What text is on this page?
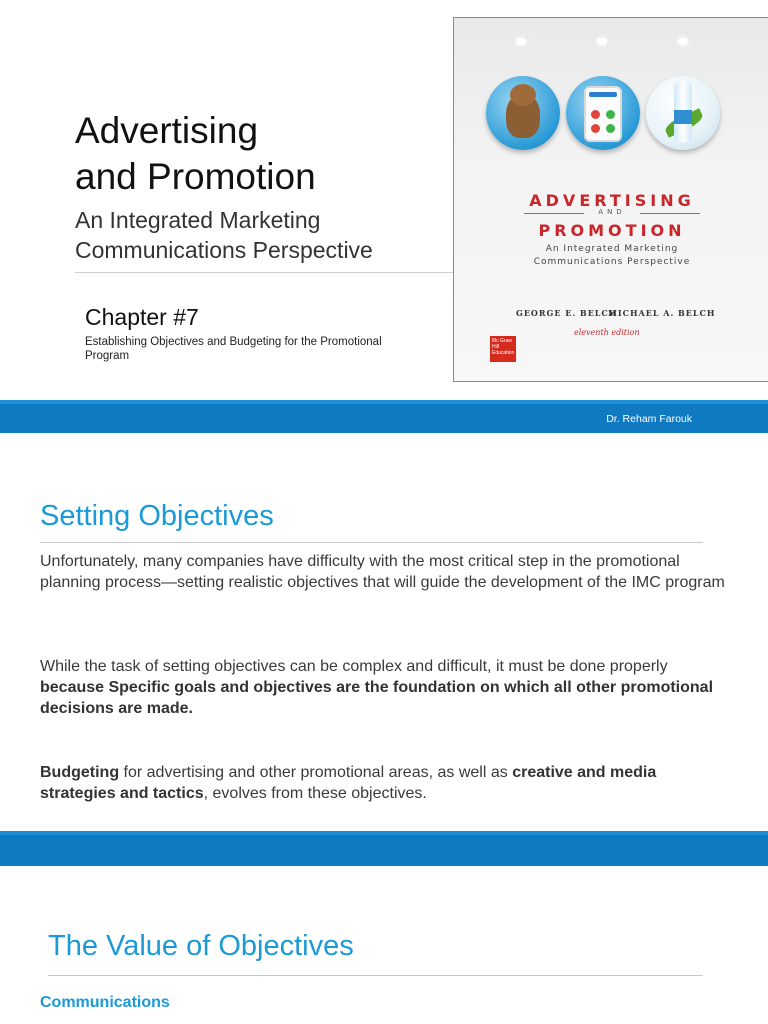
Advertising
and Promotion
An Integrated Marketing
Communications Perspective
Chapter #7
Establishing Objectives and Budgeting for the Promotional Program
ADVERTISING
AND
PROMOTION
An Integrated Marketing
Communications Perspective
GEORGE E. BELCH
MICHAEL A. BELCH
eleventh edition
Mc Graw Hill Education
Dr. Reham Farouk
Setting Objectives

Unfortunately, many companies have difficulty with the most critical step in the promotional planning process—setting realistic objectives that will guide the development of the IMC program

While the task of setting objectives can be complex and difficult, it must be done properly because Specific goals and objectives are the foundation on which all other promotional decisions are made.

Budgeting for advertising and other promotional areas, as well as creative and media strategies and tactics, evolves from these objectives.

The Value of Objectives
Communications
